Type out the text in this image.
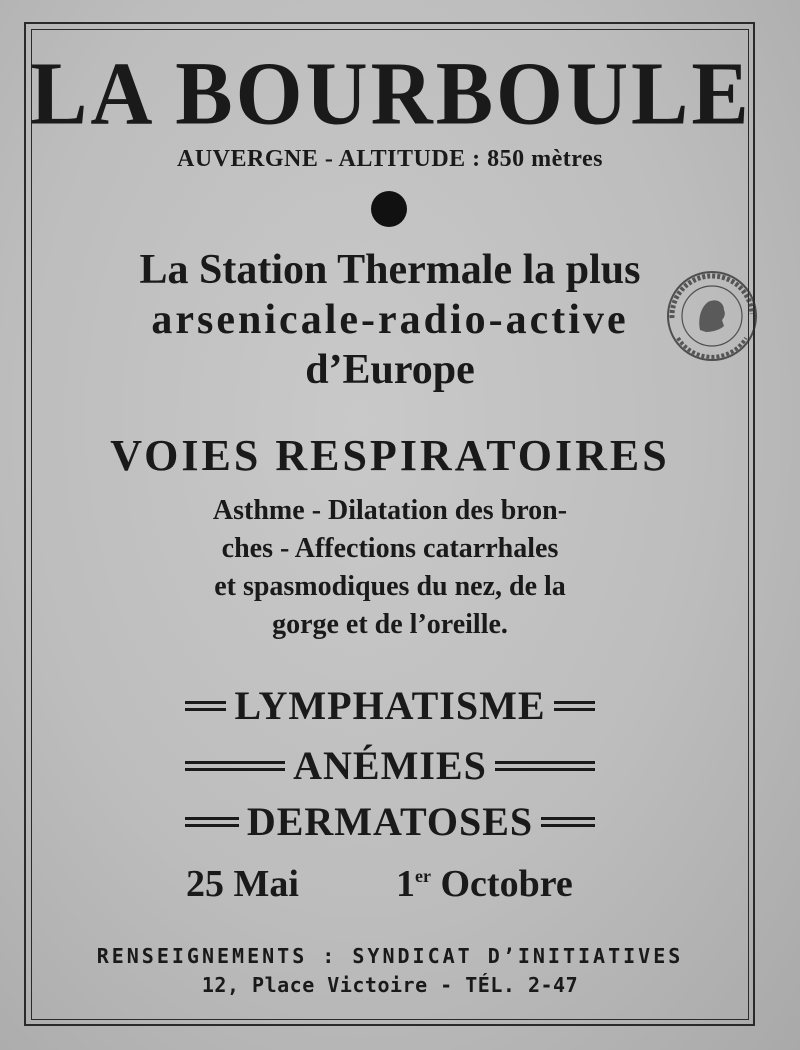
LA BOURBOULE
AUVERGNE - ALTITUDE : 850 mètres
La Station Thermale la plus
arsenicale-radio-active
d’Europe
VOIES RESPIRATOIRES
Asthme - Dilatation des bron-
ches - Affections catarrhales
et spasmodiques du nez, de la
gorge et de l’oreille.
LYMPHATISME
ANÉMIES
DERMATOSES
25 Mai	1er Octobre
RENSEIGNEMENTS : SYNDICAT D’INITIATIVES
12, Place Victoire - TÉL. 2-47
